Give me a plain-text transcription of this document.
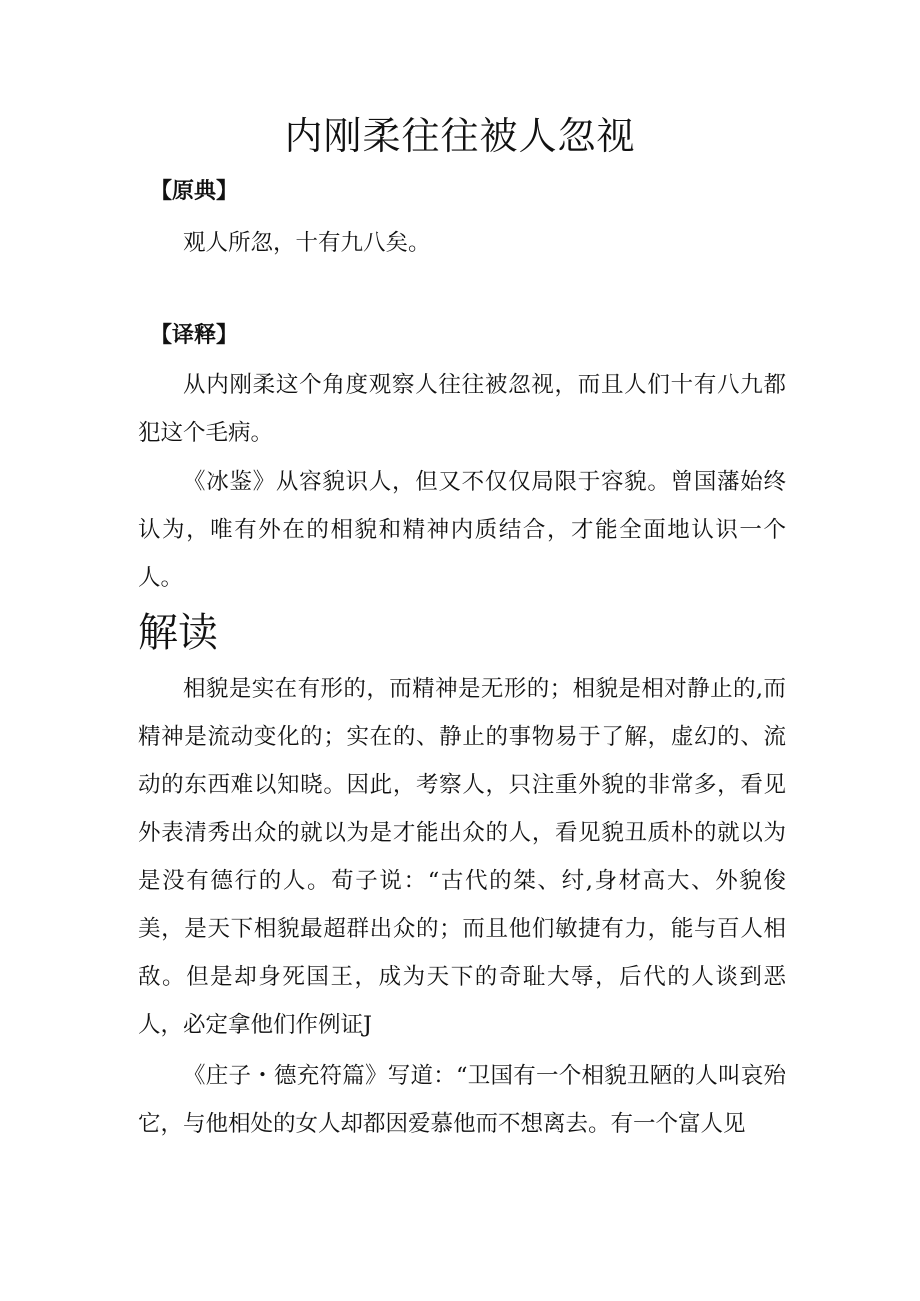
内刚柔往往被人忽视
【原典】

观人所忽，十有九八矣。

【译释】

从内刚柔这个角度观察人往往被忽视，而且人们十有八九都犯这个毛病。

《冰鉴》从容貌识人，但又不仅仅局限于容貌。曾国藩始终认为，唯有外在的相貌和精神内质结合，才能全面地认识一个人。

解读

相貌是实在有形的，而精神是无形的；相貌是相对静止的,而精神是流动变化的；实在的、静止的事物易于了解，虚幻的、流动的东西难以知晓。因此，考察人，只注重外貌的非常多，看见外表清秀出众的就以为是才能出众的人，看见貌丑质朴的就以为是没有德行的人。荀子说：“古代的桀、纣,身材高大、外貌俊美，是天下相貌最超群出众的；而且他们敏捷有力，能与百人相敌。但是却身死国王，成为天下的奇耻大辱，后代的人谈到恶人，必定拿他们作例证J

《庄子・德充符篇》写道：“卫国有一个相貌丑陋的人叫哀殆它，与他相处的女人却都因爱慕他而不想离去。有一个富人见
